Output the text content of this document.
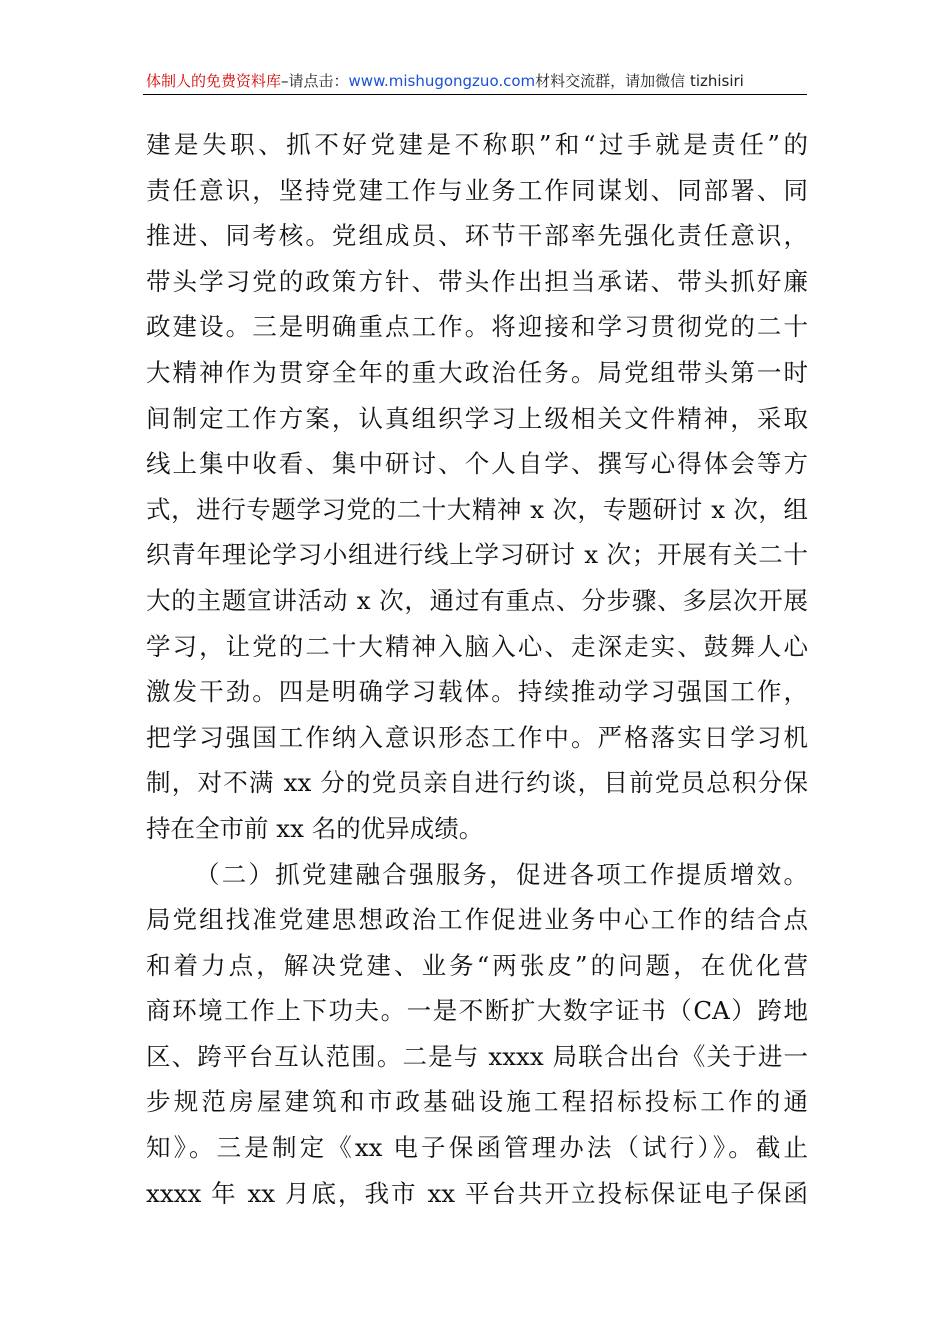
体制人的免费资料库–请点击：www.mishugongzuo.com材料交流群，请加微信 tizhisiri
建是失职、抓不好党建是不称职”和“过手就是责任”的
责任意识，坚持党建工作与业务工作同谋划、同部署、同
推进、同考核。党组成员、环节干部率先强化责任意识，
带头学习党的政策方针、带头作出担当承诺、带头抓好廉
政建设。三是明确重点工作。将迎接和学习贯彻党的二十
大精神作为贯穿全年的重大政治任务。局党组带头第一时
间制定工作方案，认真组织学习上级相关文件精神，采取
线上集中收看、集中研讨、个人自学、撰写心得体会等方
式，进行专题学习党的二十大精神 x 次，专题研讨 x 次，组
织青年理论学习小组进行线上学习研讨 x 次；开展有关二十
大的主题宣讲活动 x 次，通过有重点、分步骤、多层次开展
学习，让党的二十大精神入脑入心、走深走实、鼓舞人心
激发干劲。四是明确学习载体。持续推动学习强国工作，
把学习强国工作纳入意识形态工作中。严格落实日学习机
制，对不满 xx 分的党员亲自进行约谈，目前党员总积分保
持在全市前 xx 名的优异成绩。
（二）抓党建融合强服务，促进各项工作提质增效。
局党组找准党建思想政治工作促进业务中心工作的结合点
和着力点，解决党建、业务“两张皮”的问题，在优化营
商环境工作上下功夫。一是不断扩大数字证书（CA）跨地
区、跨平台互认范围。二是与 xxxx 局联合出台《关于进一
步规范房屋建筑和市政基础设施工程招标投标工作的通
知》。三是制定《xx 电子保函管理办法（试行）》。截止
xxxx 年 xx 月底，我市 xx 平台共开立投标保证电子保函
